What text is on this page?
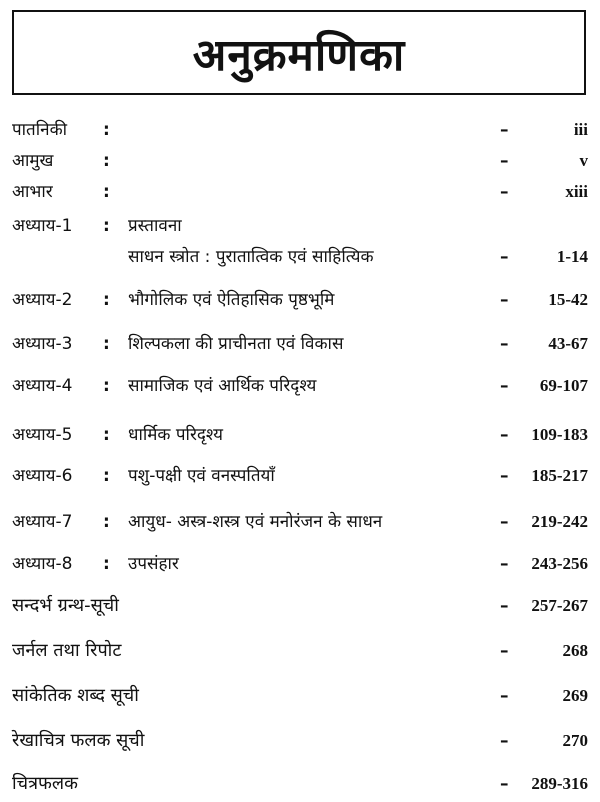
अनुक्रमणिका
पातनिकी :	–	iii
आमुख	:	–	v
आभार	:	–	xiii
अध्याय-1 : प्रस्तावना
साधन स्त्रोत : पुरातात्विक एवं साहित्यिक	–	1-14
अध्याय-2 : भौगोलिक एवं ऐतिहासिक पृष्ठभूमि	– 15-42
अध्याय-3 : शिल्पकला की प्राचीनता एवं विकास	– 43-67
अध्याय-4 : सामाजिक एवं आर्थिक परिदृश्य	– 69-107
अध्याय-5 : धार्मिक परिदृश्य	– 109-183
अध्याय-6 : पशु-पक्षी एवं वनस्पतियाँ	– 185-217
अध्याय-7 : आयुध- अस्त्र-शस्त्र एवं मनोरंजन के साधन	– 219-242
अध्याय-8 : उपसंहार	– 243-256
सन्दर्भ ग्रन्थ-सूची	– 257-267
जर्नल तथा रिपोट	–	268
सांकेतिक शब्द सूची	–	269
रेखाचित्र फलक सूची	–	270
चित्रफलक	– 289-316
